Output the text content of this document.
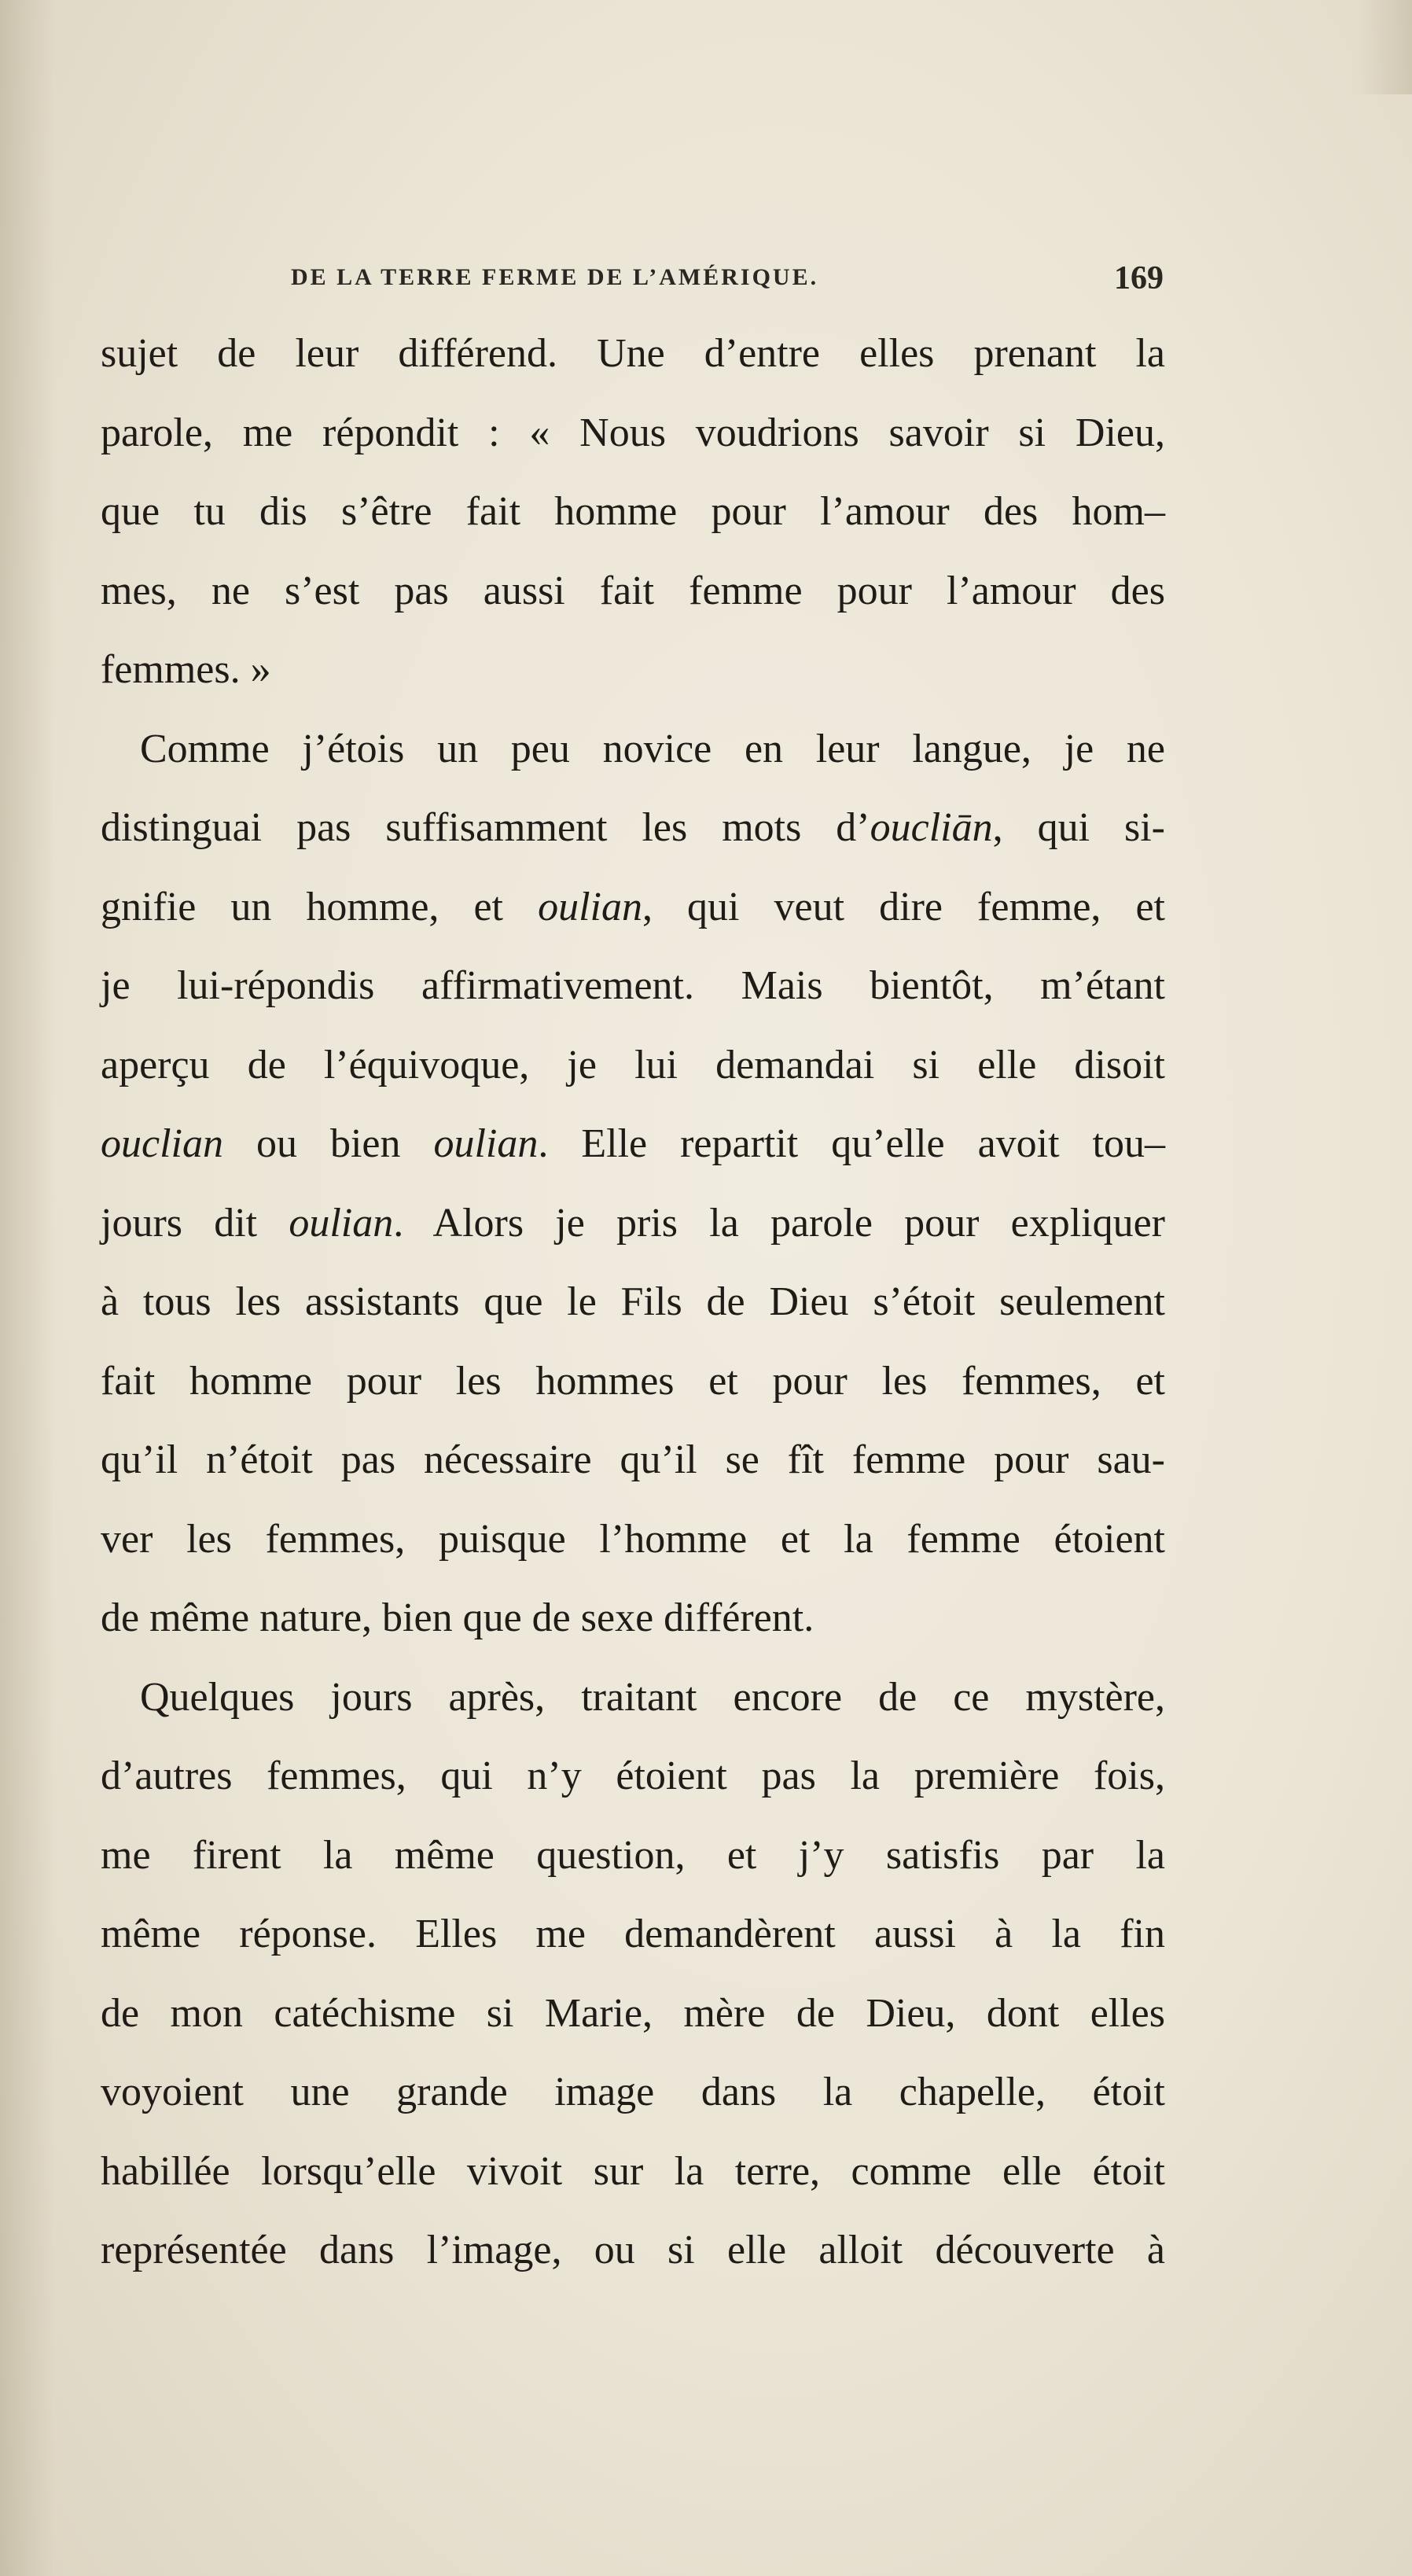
DE LA TERRE FERME DE L’AMÉRIQUE.	169
sujet de leur différend. Une d’entre elles prenant la
parole, me répondit : « Nous voudrions savoir si Dieu,
que tu dis s’être fait homme pour l’amour des hom–
mes, ne s’est pas aussi fait femme pour l’amour des
femmes. »
Comme j’étois un peu novice en leur langue, je ne
distinguai pas suffisamment les mots d’oucliān, qui si-
gnifie un homme, et oulian, qui veut dire femme, et
je lui-répondis affirmativement. Mais bientôt, m’étant
aperçu de l’équivoque, je lui demandai si elle disoit
ouclian ou bien oulian. Elle repartit qu’elle avoit tou–
jours dit oulian. Alors je pris la parole pour expliquer
à tous les assistants que le Fils de Dieu s’étoit seulement
fait homme pour les hommes et pour les femmes, et
qu’il n’étoit pas nécessaire qu’il se fît femme pour sau-
ver les femmes, puisque l’homme et la femme étoient
de même nature, bien que de sexe différent.
Quelques jours après, traitant encore de ce mystère,
d’autres femmes, qui n’y étoient pas la première fois,
me firent la même question, et j’y satisfis par la
même réponse. Elles me demandèrent aussi à la fin
de mon catéchisme si Marie, mère de Dieu, dont elles
voyoient une grande image dans la chapelle, étoit
habillée lorsqu’elle vivoit sur la terre, comme elle étoit
représentée dans l’image, ou si elle alloit découverte à
